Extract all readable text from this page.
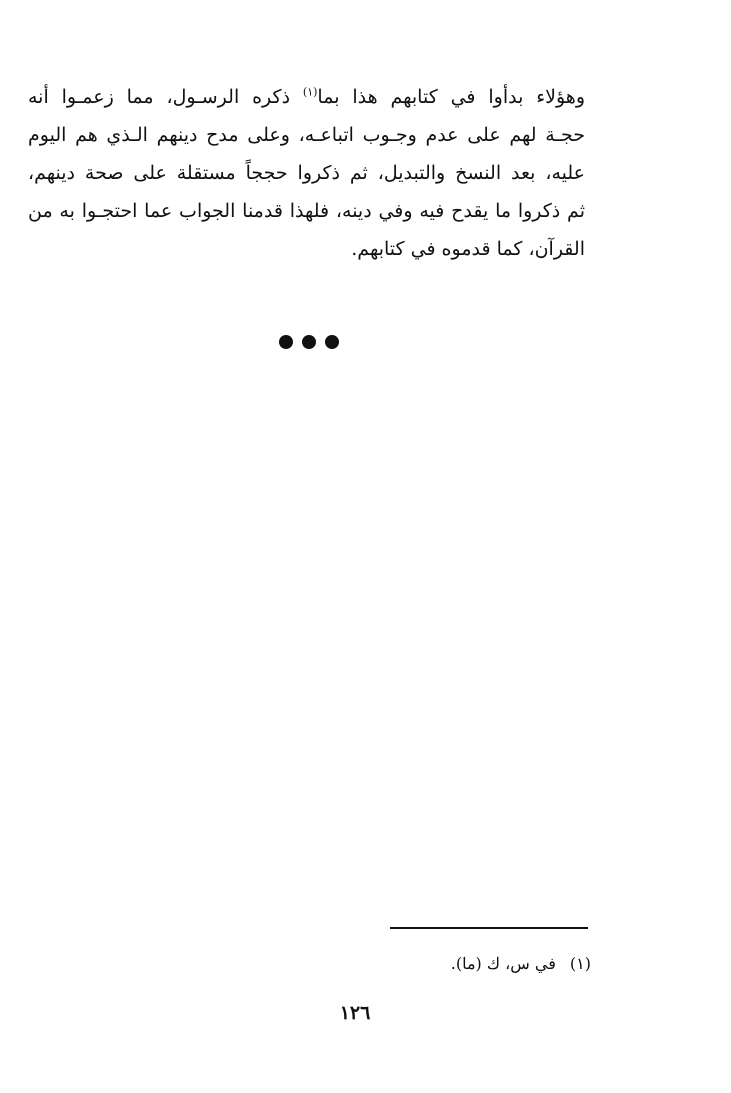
وهؤلاء بدأوا في كتابهم هذا بما$^{(١)}$ ذكره الرسـول، مما زعمـوا أنه
حجـة لهم على عدم وجـوب اتباعـه، وعلى مدح دينهم الـذي هم اليوم
عليه، بعد النسخ والتبديل، ثم ذكروا حججاً مستقلة على صحة دينهم،
ثم ذكروا ما يقدح فيه وفي دينه، فلهذا قدمنا الجواب عما احتجـوا به من
القرآن، كما قدموه في كتابهم.
(١)في س، ك (ما).
١٢٦
